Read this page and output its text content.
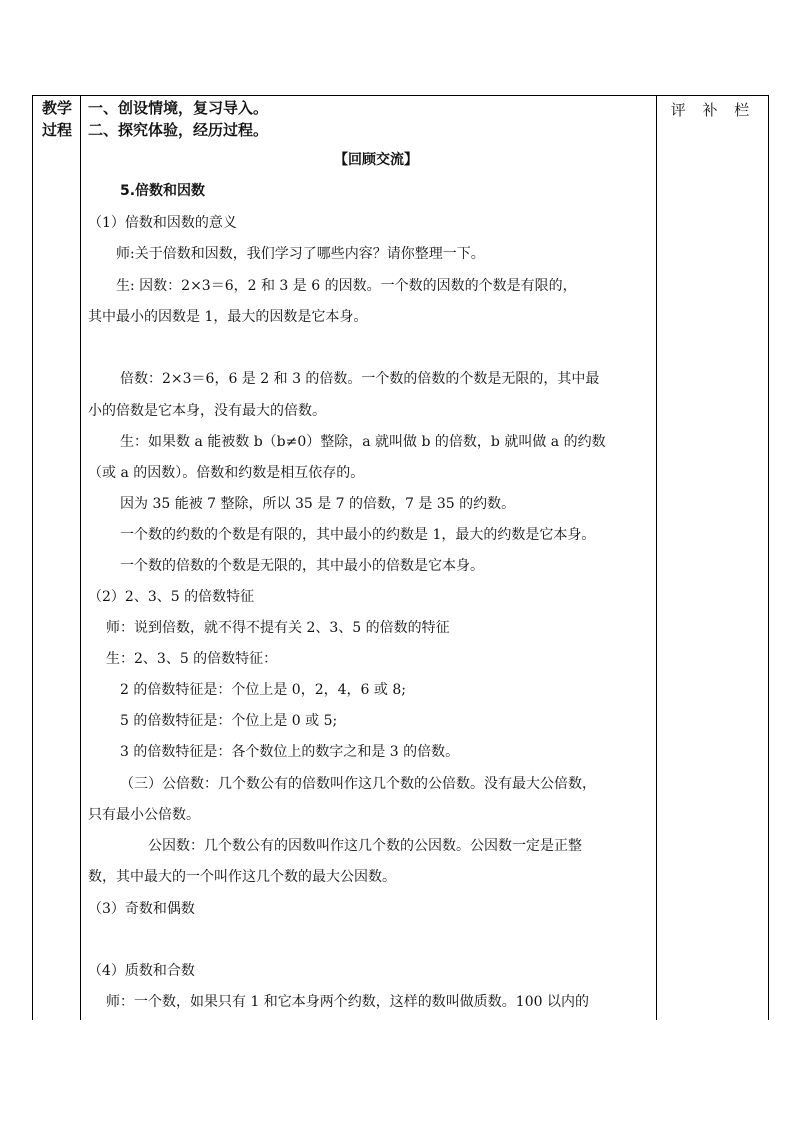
教学
过程
评 补 栏
一、创设情境，复习导入。
二、探究体验，经历过程。
【回顾交流】
5.倍数和因数
（1）倍数和因数的意义
师:关于倍数和因数，我们学习了哪些内容？请你整理一下。
生: 因数：2×3＝6，2 和 3 是 6 的因数。一个数的因数的个数是有限的，
其中最小的因数是 1，最大的因数是它本身。
倍数：2×3＝6，6 是 2 和 3 的倍数。一个数的倍数的个数是无限的，其中最
小的倍数是它本身，没有最大的倍数。
生：如果数 a 能被数 b（b≠0）整除，a 就叫做 b 的倍数，b 就叫做 a 的约数
（或 a 的因数）。倍数和约数是相互依存的。
因为 35 能被 7 整除，所以 35 是 7 的倍数，7 是 35 的约数。
一个数的约数的个数是有限的，其中最小的约数是 1，最大的约数是它本身。
一个数的倍数的个数是无限的，其中最小的倍数是它本身。
（2）2、3、5 的倍数特征
师：说到倍数，就不得不提有关 2、3、5 的倍数的特征
生：2、3、5 的倍数特征：
2 的倍数特征是：个位上是 0，2，4，6 或 8;
5 的倍数特征是：个位上是 0 或 5;
3 的倍数特征是：各个数位上的数字之和是 3 的倍数。
（三）公倍数：几个数公有的倍数叫作这几个数的公倍数。没有最大公倍数，
只有最小公倍数。
公因数：几个数公有的因数叫作这几个数的公因数。公因数一定是正整
数，其中最大的一个叫作这几个数的最大公因数。
（3）奇数和偶数
（4）质数和合数
师：一个数，如果只有 1 和它本身两个约数，这样的数叫做质数。100 以内的
